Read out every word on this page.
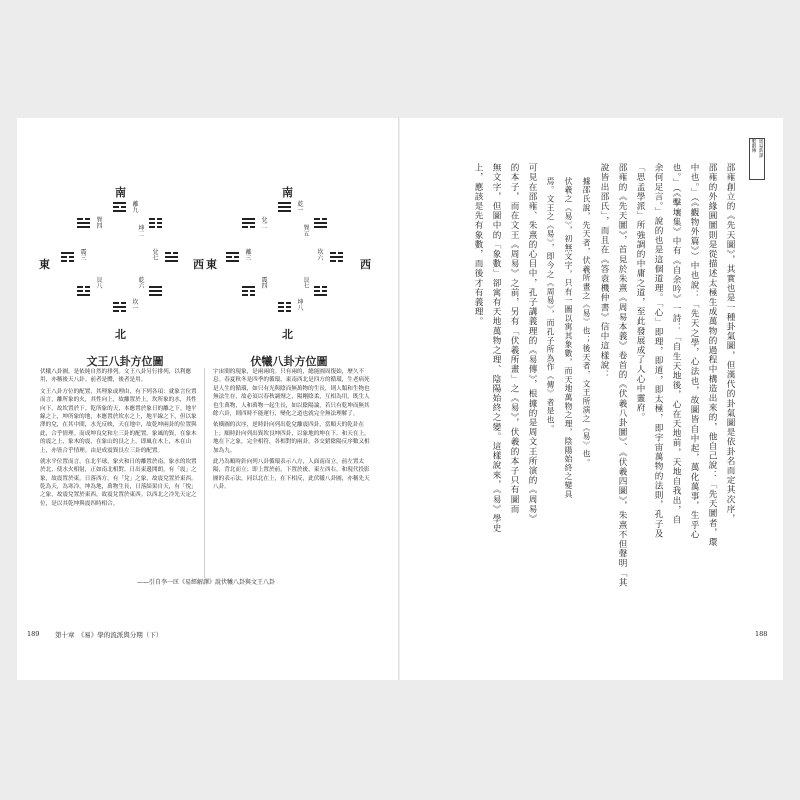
南
北
東	西
離九
坎一
震三
兌七
巽四	坤二
艮八
乾六
南
北
東	西
乾一
坤八
離三
坎六
兌二	巽五
震四
艮七
文王八卦方位圖	伏犧八卦方位圖

伏犧八卦圖，是依純自然的排列。文王八卦另行排列，以利應用，亦稱後天八卦。前者是體，後者是用。

文王八卦方位的配置，其理象或理由，有下列各項：就象言位置而言，離所象的火，其性向上，故離置於上。坎所象的水，其性向下，故坎置於下。乾所象的天，本應置於象日的離之下。地平線之上，坤所象的地，本應置於坎水之上，地平線之下，但以象澤的兌，在其中間，水光反映，天在地中，故乾坤兩卦的位置與此，合乎情理。而成坤良兌和左三卦的配置。象風的巽，在象木的震之上，象木的震，在象山的艮之上，即風在木上，木在山上，亦皆合乎情理。由是成震巽艮左三卦的配置。

就水平位置而言，在北半球，象火和日的離置於南，象水的坎置於北，使水火相射，正如南北相對。日出東邊開朗，有「震」之象，故震置於東。日落西方，有「兌」之象，故震兌置於東西。乾為天，為寒冷，坤為地，萬物生長，日落結果自天，有「悅」之象，故震兌置於東西，故震兌置於東西。以西北之冷先天定之位，是以其乾坤與震四時相合。

宇宙間的現象，是兩兩的。只有兩的，總能圓周復始，歷久不息。春夏秋冬是四季的循環，東南西北是四方的循環，生老病死是人生的循環，如只有光與陰而無萬物的生長，則人類和生物也無法生存，故必須以春秋調劑之，陽剛陰柔，互相為用，既生人也生萬物，人和萬物一起生長，如以陰陽論，若只有乾坤而無其餘六卦，則四時不能運行，變化之道也就完全無法理解了。

依橫圖的次序，逆時針向列出乾兌離震四卦，當順天的乾卦在上；順時針向列出巽坎艮坤四卦，以象地的坤在下。和天在上，地在下之象，完全相符，各相對的兩卦，各交錯陰陽反序數又相加為九。

此乃為順時針向列八卦循環表示八方，人面南而立，前左置太陽，背北而立；即上置於前，下置於後，東左西右。和現代投影圖的表示法，同以北在上，在下相反，此伏犧八卦圖，亦稱先天八卦。

——引自李一匡《易經解譯》說伏犧八卦與文王八卦
189 第十章　《易》學的流派與分期（下）
周易新譯
繫辭傳
邵雍創立的《先天圖》，其實也是一種卦氣圖，但漢代的卦氣圖是依卦名而定其次序，
邵雍的外緣圓圖則是從描述太極生成萬物的過程中構造出來的，他自己說：「先天圖者，環
中也。」（《觀物外篇》）中也說：「先天之學，心法也，故圖皆自中起，萬化萬事，生乎心
也。」（《擊壤集》中有《自余吟》一詩：「自生天地後，心在天地前，天地自我出，自
余何足言。」說的也是這個道理。「心」即理，即道，即太極，即宇宙萬物的法則，孔子及
「思孟學派」所強調的中庸之道，至此發展成了人心中靈府。
邵雍的《先天圖》，首見於朱熹《周易本義》卷首的《伏羲八卦圖》、《伏羲四圖》，朱熹不但聲明「其
說皆出邵氏」，而且在《答袁機仲書》信中這樣說：
據邵氏說，先天者，伏羲所畫之《易》也；後天者，文王所演之《易》也。
伏羲之《易》，初無文字，只有一圖以寓其象數，而天地萬物之理，陰陽始終之變具
焉。文王之《易》，即今之《周易》，而孔子所為作《傳》者是也。
可見在邵雍、朱熹的心目中，孔子講義理的《易傳》，根據的是周文王所演的《周易》
的本子，而在文王《周易》之前，另有「伏羲所畫」之《易》，伏羲的本子只有圖而
無文字，但圖中的「象數」卻寓有天地萬物之理、陰陽始終之變。這樣說來，《易》學史
上，應該是先有象數，而後才有義理。
188
